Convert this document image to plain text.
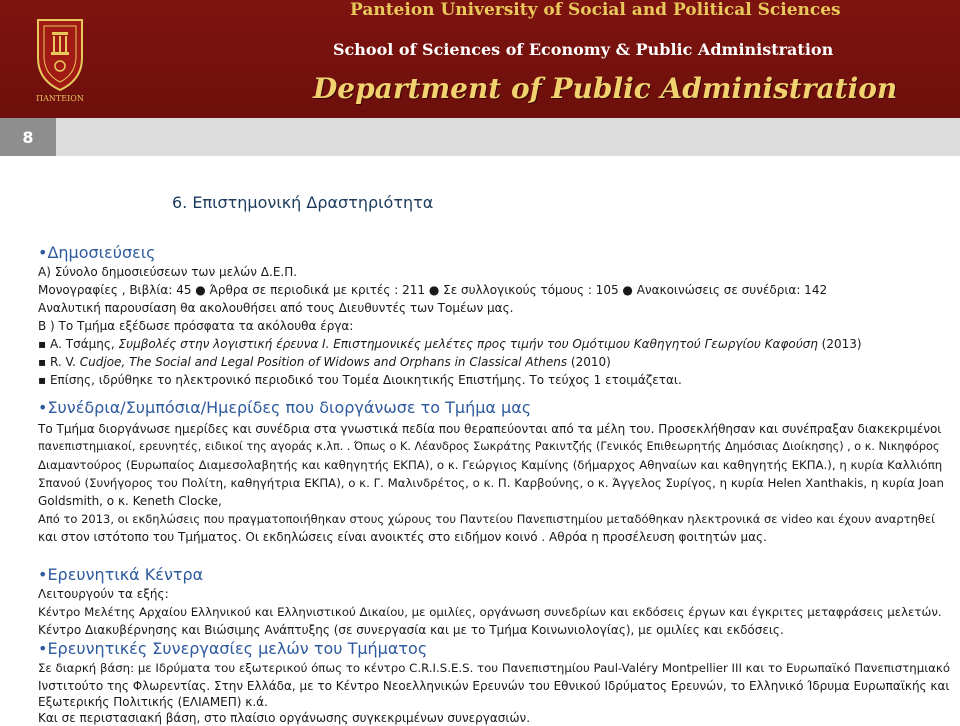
ΠΑΝΤΕΙΟΝ
Panteion University of Social and Political Sciences
School of Sciences of Economy & Public Administration
Department of Public Administration
8
6. Επιστημονική Δραστηριότητα
•Δημοσιεύσεις
Α) Σύνολο δημοσιεύσεων των μελών Δ.Ε.Π.
Μονογραφίες , Βιβλία: 45 ● Άρθρα σε περιοδικά με κριτές : 211 ● Σε συλλογικούς τόμους : 105 ● Ανακοινώσεις σε συνέδρια: 142
Αναλυτική παρουσίαση θα ακολουθήσει από τους Διευθυντές των Τομέων μας.
Β ) Το Τμήμα εξέδωσε πρόσφατα τα ακόλουθα έργα:
▪ Α. Τσάμης, Συμβολές στην λογιστική έρευνα Ι. Επιστημονικές μελέτες προς τιμήν του Ομότιμου Καθηγητού Γεωργίου Καφούση (2013)
▪ R. V. Cudjoe, The Social and Legal Position of Widows and Orphans in Classical Athens (2010)
▪ Επίσης, ιδρύθηκε το ηλεκτρονικό περιοδικό του Τομέα Διοικητικής Επιστήμης. Το τεύχος 1 ετοιμάζεται.
•Συνέδρια/Συμπόσια/Ημερίδες που διοργάνωσε το Τμήμα μας
Το Τμήμα διοργάνωσε ημερίδες και συνέδρια στα γνωστικά πεδία που θεραπεύονται από τα μέλη του. Προσεκλήθησαν και συνέπραξαν διακεκριμένοι
πανεπιστημιακοί, ερευνητές, ειδικοί της αγοράς κ.λπ. . Όπως ο Κ. Λέανδρος Σωκράτης Ρακιντζής (Γενικός Επιθεωρητής Δημόσιας Διοίκησης) , ο κ. Νικηφόρος
Διαμαντούρος (Ευρωπαίος Διαμεσολαβητής και καθηγητής ΕΚΠΑ), ο κ. Γεώργιος Καμίνης (δήμαρχος Αθηναίων και καθηγητής ΕΚΠΑ.), η κυρία Καλλιόπη
Σπανού (Συνήγορος του Πολίτη, καθηγήτρια ΕΚΠΑ), ο κ. Γ. Μαλινδρέτος, ο κ. Π. Καρβούνης, ο κ. Άγγελος Συρίγος, η κυρία Helen Xanthakis, η κυρία Joan
Goldsmith, ο κ. Keneth Clocke,
Από το 2013, οι εκδηλώσεις που πραγματοποιήθηκαν στους χώρους του Παντείου Πανεπιστημίου μεταδόθηκαν ηλεκτρονικά σε video και έχουν αναρτηθεί
και στον ιστότοπο του Τμήματος. Οι εκδηλώσεις είναι ανοικτές στο ειδήμον κοινό . Αθρόα η προσέλευση φοιτητών μας.
•Ερευνητικά Κέντρα
Λειτουργούν τα εξής:
Κέντρο Μελέτης Αρχαίου Ελληνικού και Ελληνιστικού Δικαίου, με ομιλίες, οργάνωση συνεδρίων και εκδόσεις έργων και έγκριτες μεταφράσεις μελετών.
Κέντρο Διακυβέρνησης και Βιώσιμης Ανάπτυξης (σε συνεργασία και με το Τμήμα Κοινωνιολογίας), με ομιλίες και εκδόσεις.
•Ερευνητικές Συνεργασίες μελών του Τμήματος
Σε διαρκή βάση: με Ιδρύματα του εξωτερικού όπως το κέντρο C.R.I.S.E.S. του Πανεπιστημίου Paul-Valéry Montpellier III και το Ευρωπαϊκό Πανεπιστημιακό
Ινστιτούτο της Φλωρεντίας. Στην Ελλάδα, με το Κέντρο Νεοελληνικών Ερευνών του Εθνικού Ιδρύματος Ερευνών, το Ελληνικό Ίδρυμα Ευρωπαϊκής και
Εξωτερικής Πολιτικής (ΕΛΙΑΜΕΠ) κ.ά.
Και σε περιστασιακή βάση, στο πλαίσιο οργάνωσης συγκεκριμένων συνεργασιών.
